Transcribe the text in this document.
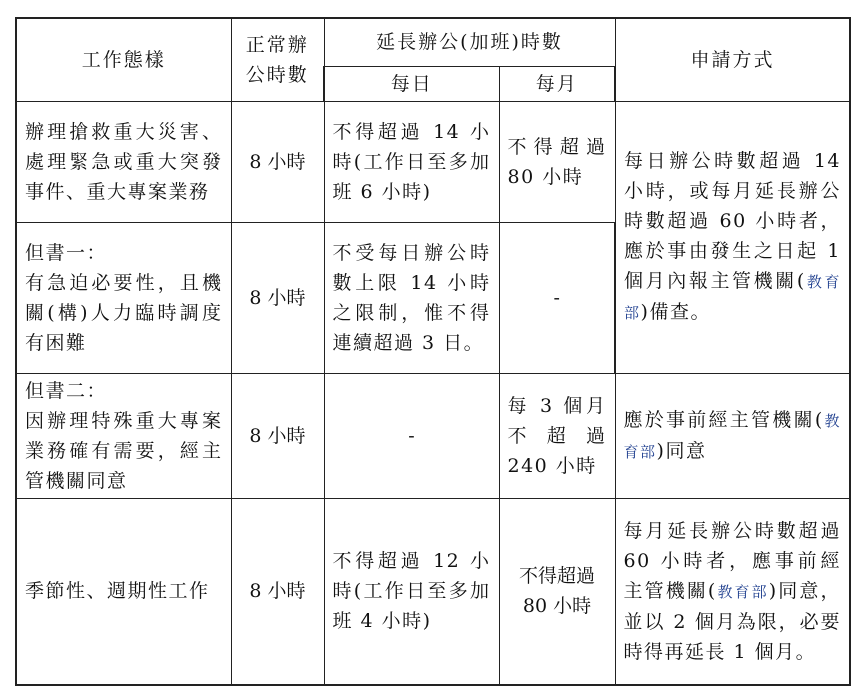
工作態樣	正常辦公時數	延長辦公(加班)時數		申請方式
		每日	每月	
辦理搶救重大災害、處理緊急或重大突發事件、重大專案業務	8 小時	不得超過 14 小時(工作日至多加班 6 小時)	不得超過 80 小時	每日辦公時數超過 14 小時，或每月延長辦公時數超過 60 小時者，應於事由發生之日起 1 個月內報主管機關(教育部)備查。

但書一：
有急迫必要性，且機關(構)人力臨時調度有困難	8 小時	不受每日辦公時數上限 14 小時之限制，惟不得連續超過 3 日。	-	

但書二：
因辦理特殊重大專案業務確有需要，經主管機關同意	8 小時	-	每 3 個月不超過 240 小時	應於事前經主管機關(教育部)同意
季節性、週期性工作	8 小時	不得超過 12 小時(工作日至多加班 4 小時)	不得超過 80 小時	每月延長辦公時數超過 60 小時者，應事前經主管機關(教育部)同意，並以 2 個月為限，必要時得再延長 1 個月。
